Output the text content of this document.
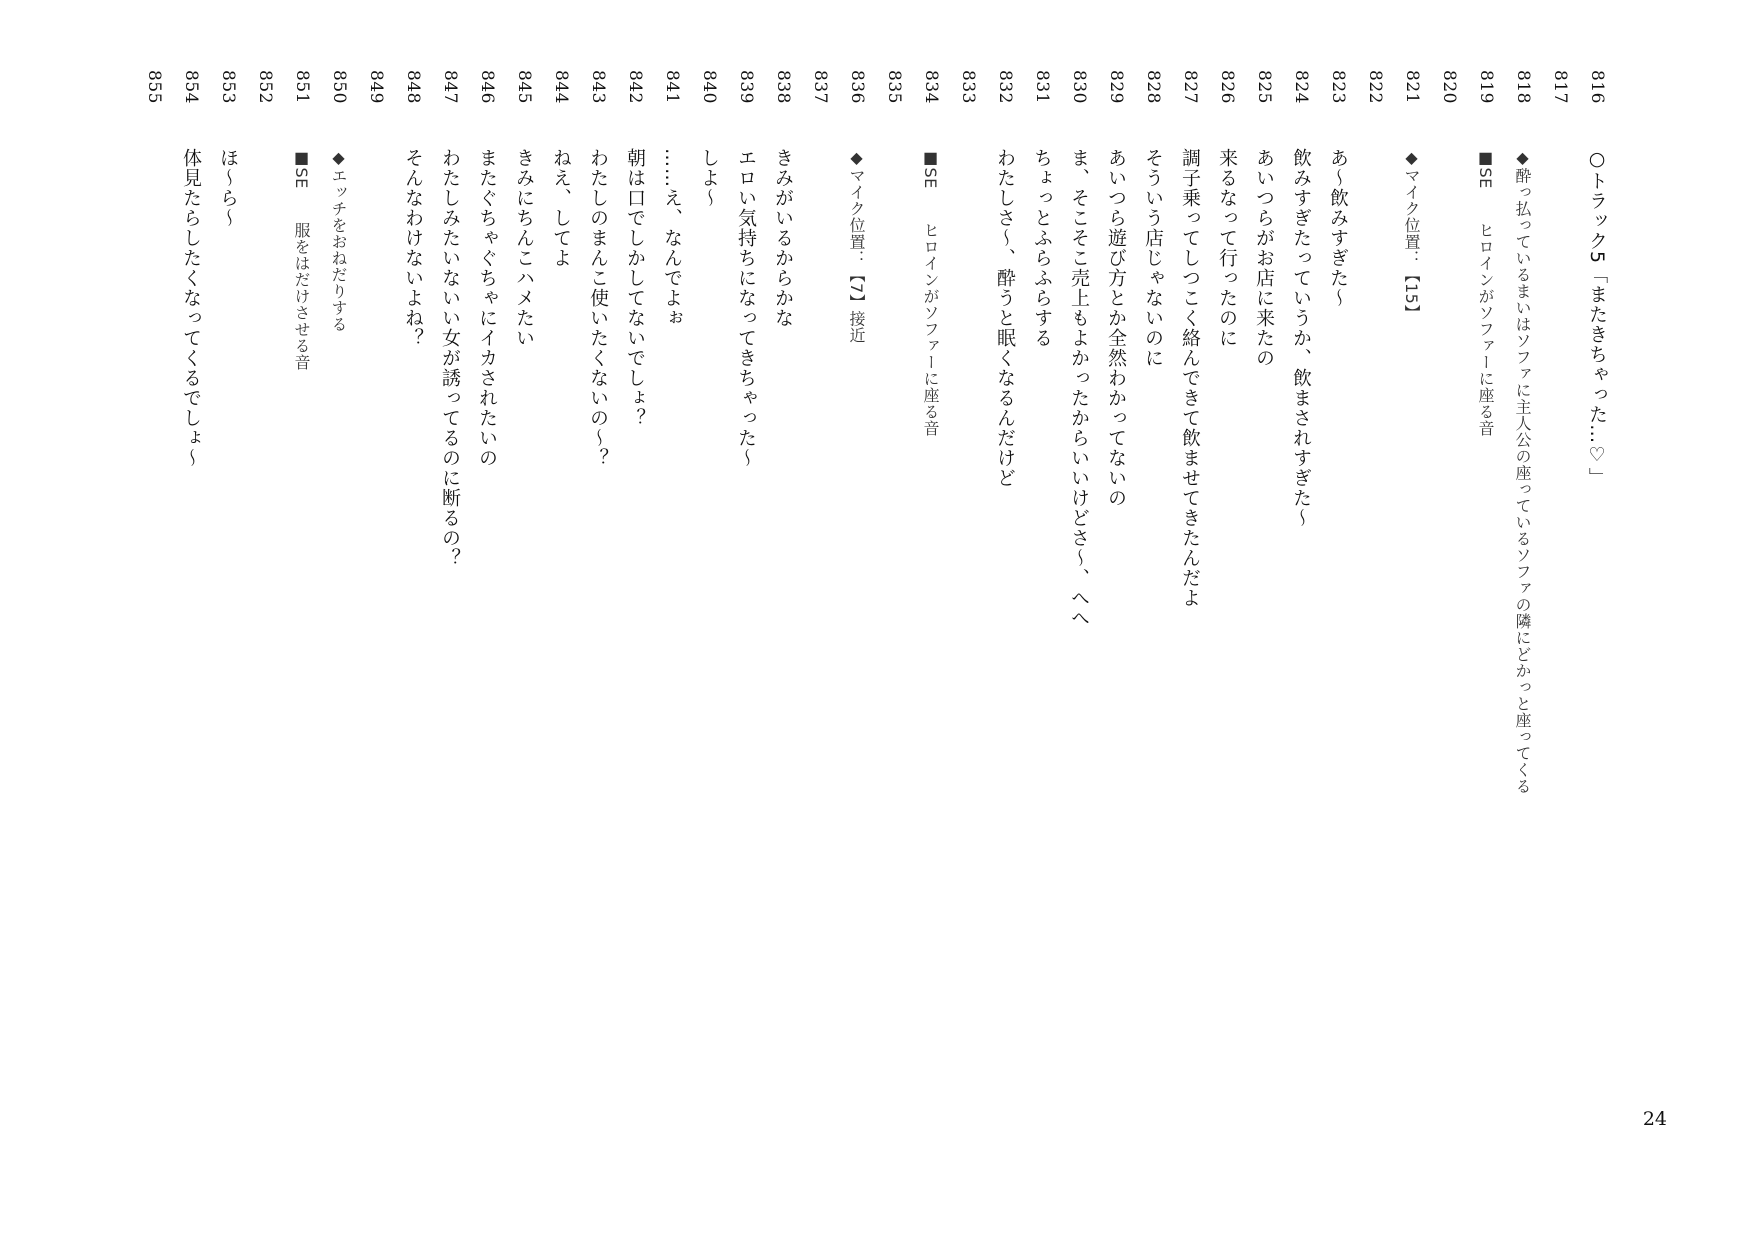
816
○トラック5「またきちゃった…♡」
817
818
◆酔っ払っているまいはソファに主人公の座っているソファの隣にどかっと座ってくる
819
■SE　　ヒロインがソファーに座る音
820
821
◆マイク位置：【15】
822
823
あ～飲みすぎた～
824
飲みすぎたっていうか、飲まされすぎた～
825
あいつらがお店に来たの
826
来るなって行ったのに
827
調子乗ってしつこく絡んできて飲ませてきたんだよ
828
そういう店じゃないのに
829
あいつら遊び方とか全然わかってないの
830
ま、そこそこ売上もよかったからいいけどさ～、へへ
831
ちょっとふらふらする
832
わたしさ～、酔うと眠くなるんだけど
833
834
■SE　　ヒロインがソファーに座る音
835
836
◆マイク位置：【7】接近
837
838
きみがいるからかな
839
エロい気持ちになってきちゃった～
840
しよ～
841
……え、なんでよぉ
842
朝は口でしかしてないでしょ？
843
わたしのまんこ使いたくないの～？
844
ねえ、してよ
845
きみにちんこハメたい
846
またぐちゃぐちゃにイカされたいの
847
わたしみたいないい女が誘ってるのに断るの？
848
そんなわけないよね？
849
850
◆エッチをおねだりする
851
■SE　　服をはだけさせる音
852
853
ほ～ら～
854
体見たらしたくなってくるでしょ～
855
24
